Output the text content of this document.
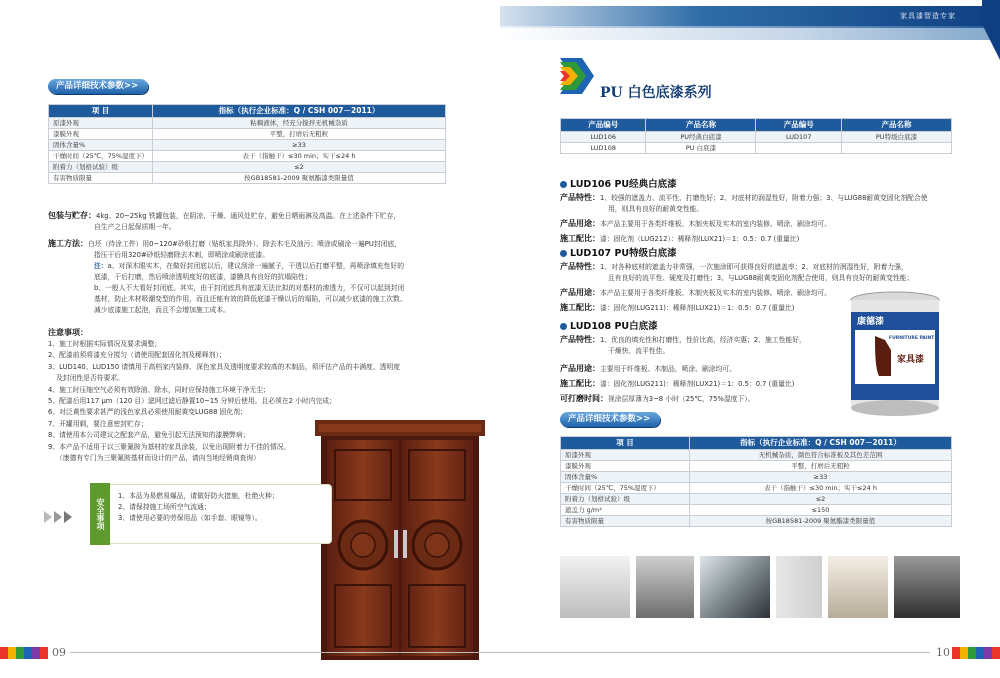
家具漆智造专家
产品详细技术参数>>
项 目	指标（执行企业标准：Q / CSH 007－2011）
原漆外观	粘稠液体，经充分搅拌无机械杂质
漆膜外观	平整，打磨后无粗粒
固体含量%	≥33
干燥时间（25℃，75%湿度下）	表干（指触干）≤30 min；实干≤24 h
附着力（划格试验）级	≤2
有害物质限量	按GB18581-2009 聚氨酯漆类限量值
包装与贮存：4kg、20~25kg 铁罐包装，在阴凉、干燥、通风处贮存，避免日晒雨淋及高温。在上述条件下贮存，
自生产之日起保质期一年。
施工方法：白坯（待涂工件）用0~120#砂纸打磨（贴纸家具除外）、除去木毛及油污；喷涂或刷涂一遍PU封闭底，
指压干后用320#砂纸轻磨除去木刺，即喷涂或刷涂底漆。
注：a、对深木眼实木，在做好封闭底以后，建议刮涂一遍腻子，干透以后打磨平整，再喷涂填充性好的
底漆，干后打磨，然后喷涂透明度好的底漆，漆膜具有良好的抗塌陷性；
b、一般人不大看好封闭底。其实，由于封闭底具有底漆无法比拟的对基材的渗透力，不仅可以起到封闭
基材，防止木材吸潮变型的作用，而且还能有效的降低底漆干燥以后的塌陷，可以减少底漆的施工次数、
减少底漆施工起泡，而且不会增加施工成本。
注意事项：
1、施工时根据实际情况及要求调整；
2、配漆前须将漆充分搅匀（请使用配套固化剂及稀释剂）；
3、LUD140、LUD150 请慎用于高档家内装修、深色家具及透明度要求较高的木制品，须评估产品的丰满度、透明度
及封闭性是否符要求。
4、施工时压缩空气必须有效除油、除水，同时应保持施工环境干净无尘；
5、配漆后用117 μm（120 目）滤网过滤后静置10~15 分钟后使用。且必须在2 小时内完成；
6、对泛黄性要求甚严的浅色家具必须使用耐黄变LUG88 固化剂；
7、开罐用剩，要注意密封贮存；
8、请使用本公司建议之配套产品，避免引起无法预知的漆膜弊病；
9、本产品不适用于以三聚氰胺为基材的家具涂装，以免出现附着力不佳的情况。
（康德有专门为三聚氰胺基材而设计的产品，请向当地经销商查询）
安全事项
1、本品为易燃易爆品，请做好防火措施，杜绝火种；
2、请保持施工场所空气流通；
3、请使用必要的劳保用品（如手套、眼镜等）。
09
PU 白色底漆系列
产品编号	产品名称	产品编号	产品名称
LUD106	PU经典白底漆	LUD107	PU特级白底漆
LUD108	PU 白底漆		
LUD106 PU经典白底漆
产品特性：1、较强的遮盖力、流平性、打磨性好；2、对底材的润湿性好，附着力强；3、与LUG88耐黄变固化剂配合使
用，则具有良好的耐黄变性能。
产品用途：本产品主要用于各类纤维板、木制夹板及实木的室内装修。喷涂、刷涂均可。
施工配比：漆：固化剂（LUG212）：稀释剂(LUX21)＝1：0.5：0.7 (重量比)
LUD107 PU特级白底漆
产品特性：1、对各种底材的遮盖力非常强，一次施涂即可获得良好的遮盖率；2、对底材的润湿性好，附着力强，
且有良好的流平性、硬度及打磨性；3、与LUG88耐黄变固化剂配合使用，则具有良好的耐黄变性能；
产品用途：本产品主要用于各类纤维板、木制夹板及实木的室内装修。喷涂、刷涂均可。
施工配比：漆：固化剂(LUG211)：稀释剂(LUX21)＝1：0.5：0.7 (重量比)
LUD108 PU白底漆
产品特性：1、优良的填充性和打磨性，性价比高，经济实惠；2、施工性能好，
干燥快、流平性佳。
产品用途：主要用于纤维板、木制品，喷涂、刷涂均可。
施工配比：漆：固化剂(LUG211)：稀释剂(LUX21)＝1：0.5：0.7 (重量比)
可打磨时间：视涂层厚薄为3~8 小时（25℃，75%湿度下）。
康德漆
FURNITURE PAINT
家具漆
产品详细技术参数>>
项 目	指标（执行企业标准：Q / CSH 007－2011）
原漆外观	无机械杂质，颜色符合标准板及其色差范围
漆膜外观	平整，打磨后无粗粒
固体含量%	≥33
干燥时间（25℃，75%湿度下）	表干（指触干）≤30 min；实干≤24 h
附着力（划格试验）级	≤2
遮盖力 g/m²	≤150
有害物质限量	按GB18581-2009 聚氨酯漆类限量值
10
